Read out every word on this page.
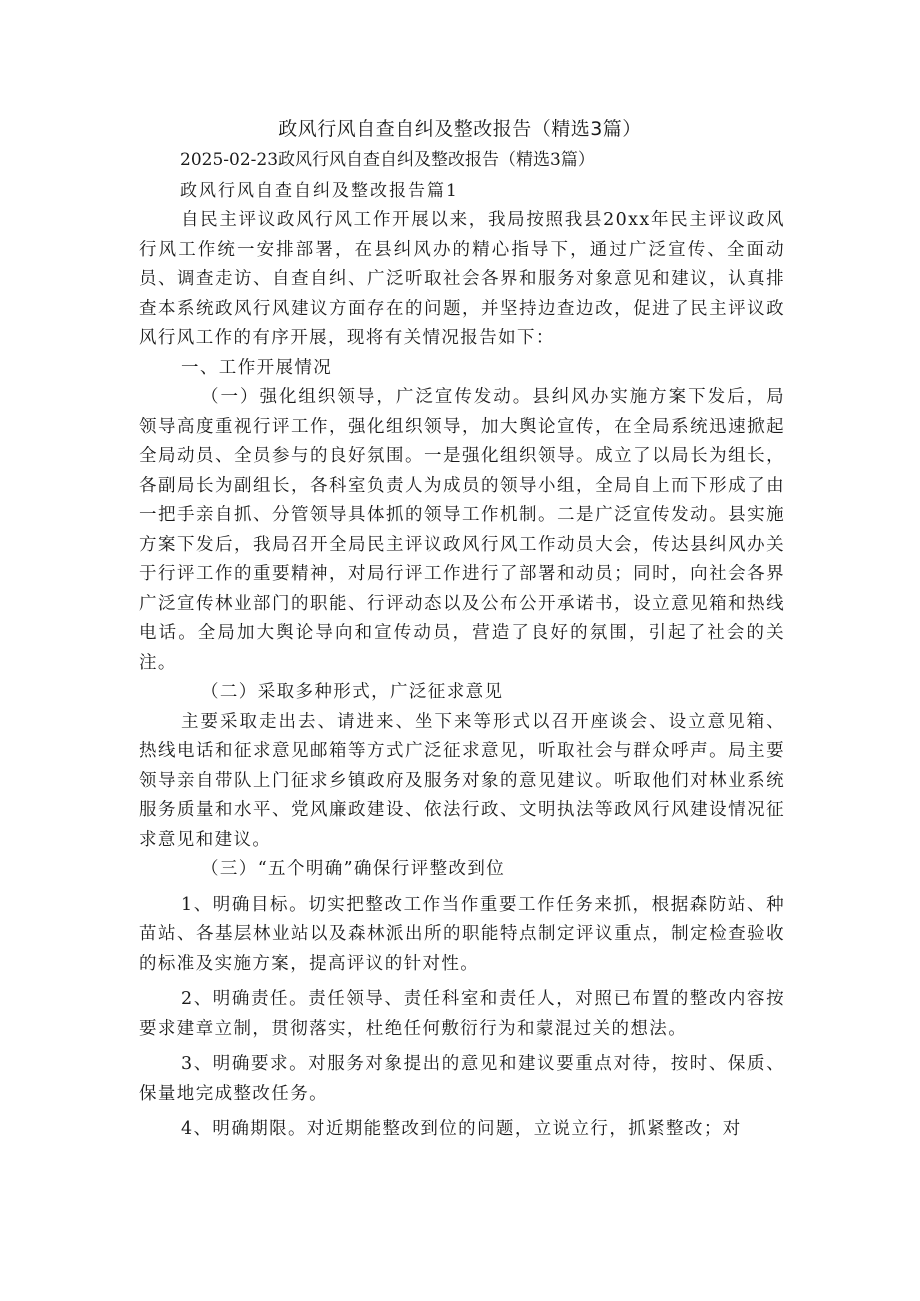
政风行风自查自纠及整改报告（精选3篇）
2025-02-23政风行风自查自纠及整改报告（精选3篇）
政风行风自查自纠及整改报告篇1

自民主评议政风行风工作开展以来，我局按照我县20xx年民主评议政风行风工作统一安排部署，在县纠风办的精心指导下，通过广泛宣传、全面动员、调查走访、自查自纠、广泛听取社会各界和服务对象意见和建议，认真排查本系统政风行风建议方面存在的问题，并坚持边查边改，促进了民主评议政风行风工作的有序开展，现将有关情况报告如下：

一、工作开展情况

（一）强化组织领导，广泛宣传发动。县纠风办实施方案下发后，局领导高度重视行评工作，强化组织领导，加大舆论宣传，在全局系统迅速掀起全局动员、全员参与的良好氛围。一是强化组织领导。成立了以局长为组长，各副局长为副组长，各科室负责人为成员的领导小组，全局自上而下形成了由一把手亲自抓、分管领导具体抓的领导工作机制。二是广泛宣传发动。县实施方案下发后，我局召开全局民主评议政风行风工作动员大会，传达县纠风办关于行评工作的重要精神，对局行评工作进行了部署和动员；同时，向社会各界广泛宣传林业部门的职能、行评动态以及公布公开承诺书，设立意见箱和热线电话。全局加大舆论导向和宣传动员，营造了良好的氛围，引起了社会的关注。

（二）采取多种形式，广泛征求意见

主要采取走出去、请进来、坐下来等形式以召开座谈会、设立意见箱、热线电话和征求意见邮箱等方式广泛征求意见，听取社会与群众呼声。局主要领导亲自带队上门征求乡镇政府及服务对象的意见建议。听取他们对林业系统服务质量和水平、党风廉政建设、依法行政、文明执法等政风行风建设情况征求意见和建议。

（三）“五个明确”确保行评整改到位

1、明确目标。切实把整改工作当作重要工作任务来抓，根据森防站、种苗站、各基层林业站以及森林派出所的职能特点制定评议重点，制定检查验收的标准及实施方案，提高评议的针对性。

2、明确责任。责任领导、责任科室和责任人，对照已布置的整改内容按要求建章立制，贯彻落实，杜绝任何敷衍行为和蒙混过关的想法。

3、明确要求。对服务对象提出的意见和建议要重点对待，按时、保质、保量地完成整改任务。

4、明确期限。对近期能整改到位的问题，立说立行，抓紧整改；对
